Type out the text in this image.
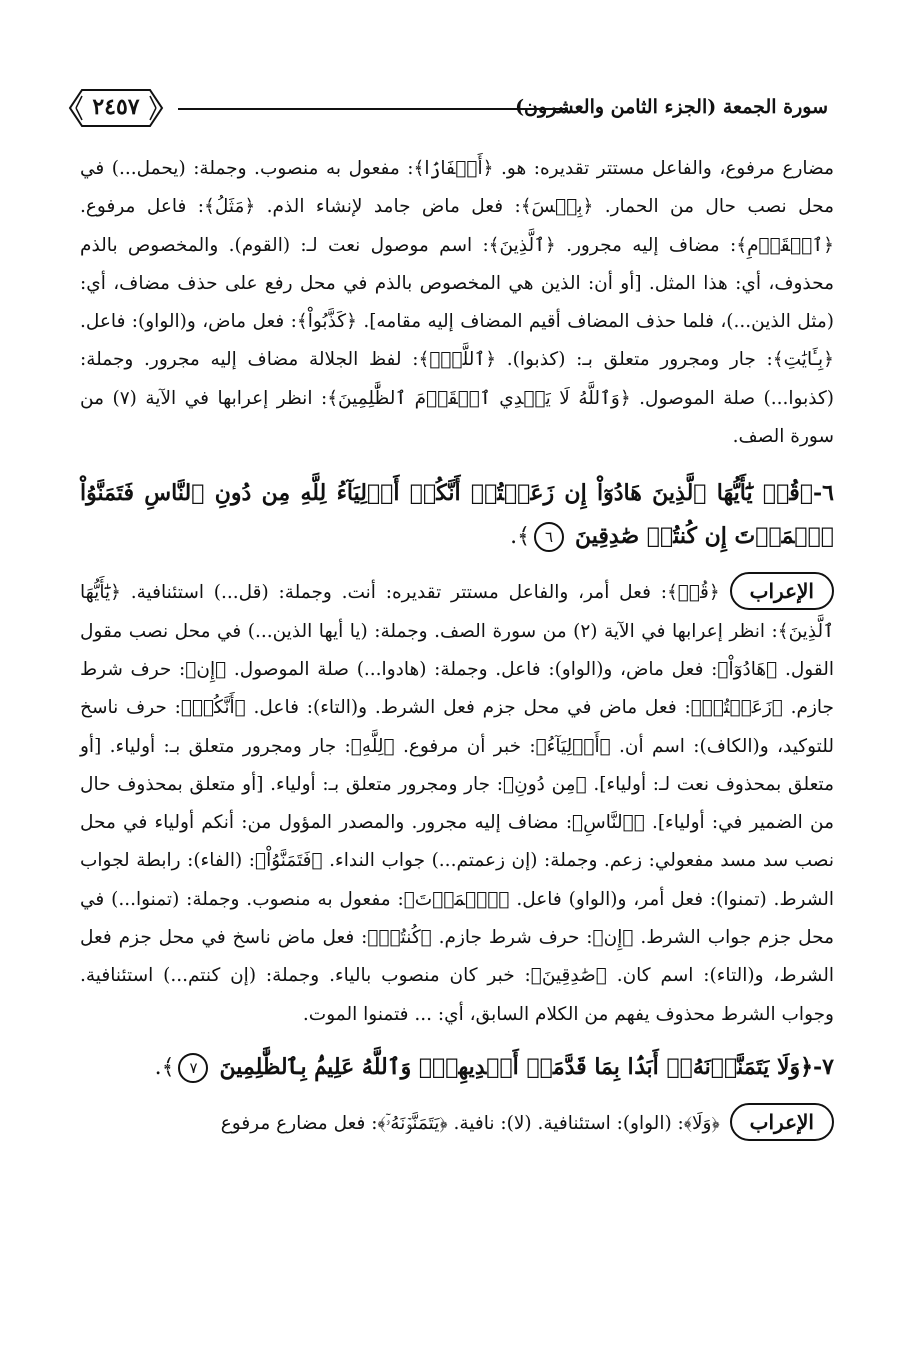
سورة الجمعة (الجزء الثامن والعشرون)
٢٤٥٧

مضارع مرفوع، والفاعل مستتر تقديره: هو. ﴿أَسۡفَارَۢا﴾: مفعول به منصوب. وجملة: (يحمل...) في محل نصب حال من الحمار. ﴿بِئۡسَ﴾: فعل ماض جامد لإنشاء الذم. ﴿مَثَلُ﴾: فاعل مرفوع. ﴿ٱلۡقَوۡمِ﴾: مضاف إليه مجرور. ﴿ٱلَّذِينَ﴾: اسم موصول نعت لـ: (القوم). والمخصوص بالذم محذوف، أي: هذا المثل. [أو أن: الذين هي المخصوص بالذم في محل رفع على حذف مضاف، أي: (مثل الذين...)، فلما حذف المضاف أقيم المضاف إليه مقامه]. ﴿كَذَّبُواْ﴾: فعل ماض، و(الواو): فاعل. ﴿بِـَٔايَٰتِ﴾: جار ومجرور متعلق بـ: (كذبوا). ﴿ٱللَّهِۚ﴾: لفظ الجلالة مضاف إليه مجرور. وجملة: (كذبوا...) صلة الموصول. ﴿وَٱللَّهُ لَا يَهۡدِي ٱلۡقَوۡمَ ٱلظَّٰلِمِينَ﴾: انظر إعرابها في الآية (٧) من سورة الصف.

٦-﴿قُلۡ يَٰٓأَيُّهَا ٱلَّذِينَ هَادُوٓاْ إِن زَعَمۡتُمۡ أَنَّكُمۡ أَوۡلِيَآءُ لِلَّهِ مِن دُونِ ٱلنَّاسِ فَتَمَنَّوُاْ ٱلۡمَوۡتَ إِن كُنتُمۡ صَٰدِقِينَ ٦﴾.

الإعراب﴿قُلۡ﴾: فعل أمر، والفاعل مستتر تقديره: أنت. وجملة: (قل...) استئنافية. ﴿يَٰٓأَيُّهَا ٱلَّذِينَ﴾: انظر إعرابها في الآية (٢) من سورة الصف. وجملة: (يا أيها الذين...) في محل نصب مقول القول. ﴿هَادُوٓاْ﴾: فعل ماض، و(الواو): فاعل. وجملة: (هادوا...) صلة الموصول. ﴿إِن﴾: حرف شرط جازم. ﴿زَعَمۡتُمۡ﴾: فعل ماض في محل جزم فعل الشرط. و(التاء): فاعل. ﴿أَنَّكُمۡ﴾: حرف ناسخ للتوكيد، و(الكاف): اسم أن. ﴿أَوۡلِيَآءُ﴾: خبر أن مرفوع. ﴿لِلَّهِ﴾: جار ومجرور متعلق بـ: أولياء. [أو متعلق بمحذوف نعت لـ: أولياء]. ﴿مِن دُونِ﴾: جار ومجرور متعلق بـ: أولياء. [أو متعلق بمحذوف حال من الضمير في: أولياء]. ﴿ٱلنَّاسِ﴾: مضاف إليه مجرور. والمصدر المؤول من: أنكم أولياء في محل نصب سد مسد مفعولي: زعم. وجملة: (إن زعمتم...) جواب النداء. ﴿فَتَمَنَّوُاْ﴾: (الفاء): رابطة لجواب الشرط. (تمنوا): فعل أمر، و(الواو) فاعل. ﴿ٱلۡمَوۡتَ﴾: مفعول به منصوب. وجملة: (تمنوا...) في محل جزم جواب الشرط. ﴿إِن﴾: حرف شرط جازم. ﴿كُنتُمۡ﴾: فعل ماض ناسخ في محل جزم فعل الشرط، و(التاء): اسم كان. ﴿صَٰدِقِينَ﴾: خبر كان منصوب بالياء. وجملة: (إن كنتم...) استئنافية. وجواب الشرط محذوف يفهم من الكلام السابق، أي: ... فتمنوا الموت.

٧-﴿وَلَا يَتَمَنَّوۡنَهُۥٓ أَبَدَۢا بِمَا قَدَّمَتۡ أَيۡدِيهِمۡۚ وَٱللَّهُ عَلِيمُۢ بِٱلظَّٰلِمِينَ ٧﴾.

الإعراب﴿وَلَا﴾: (الواو): استئنافية. (لا): نافية. ﴿يَتَمَنَّوۡنَهُۥٓ﴾: فعل مضارع مرفوع
